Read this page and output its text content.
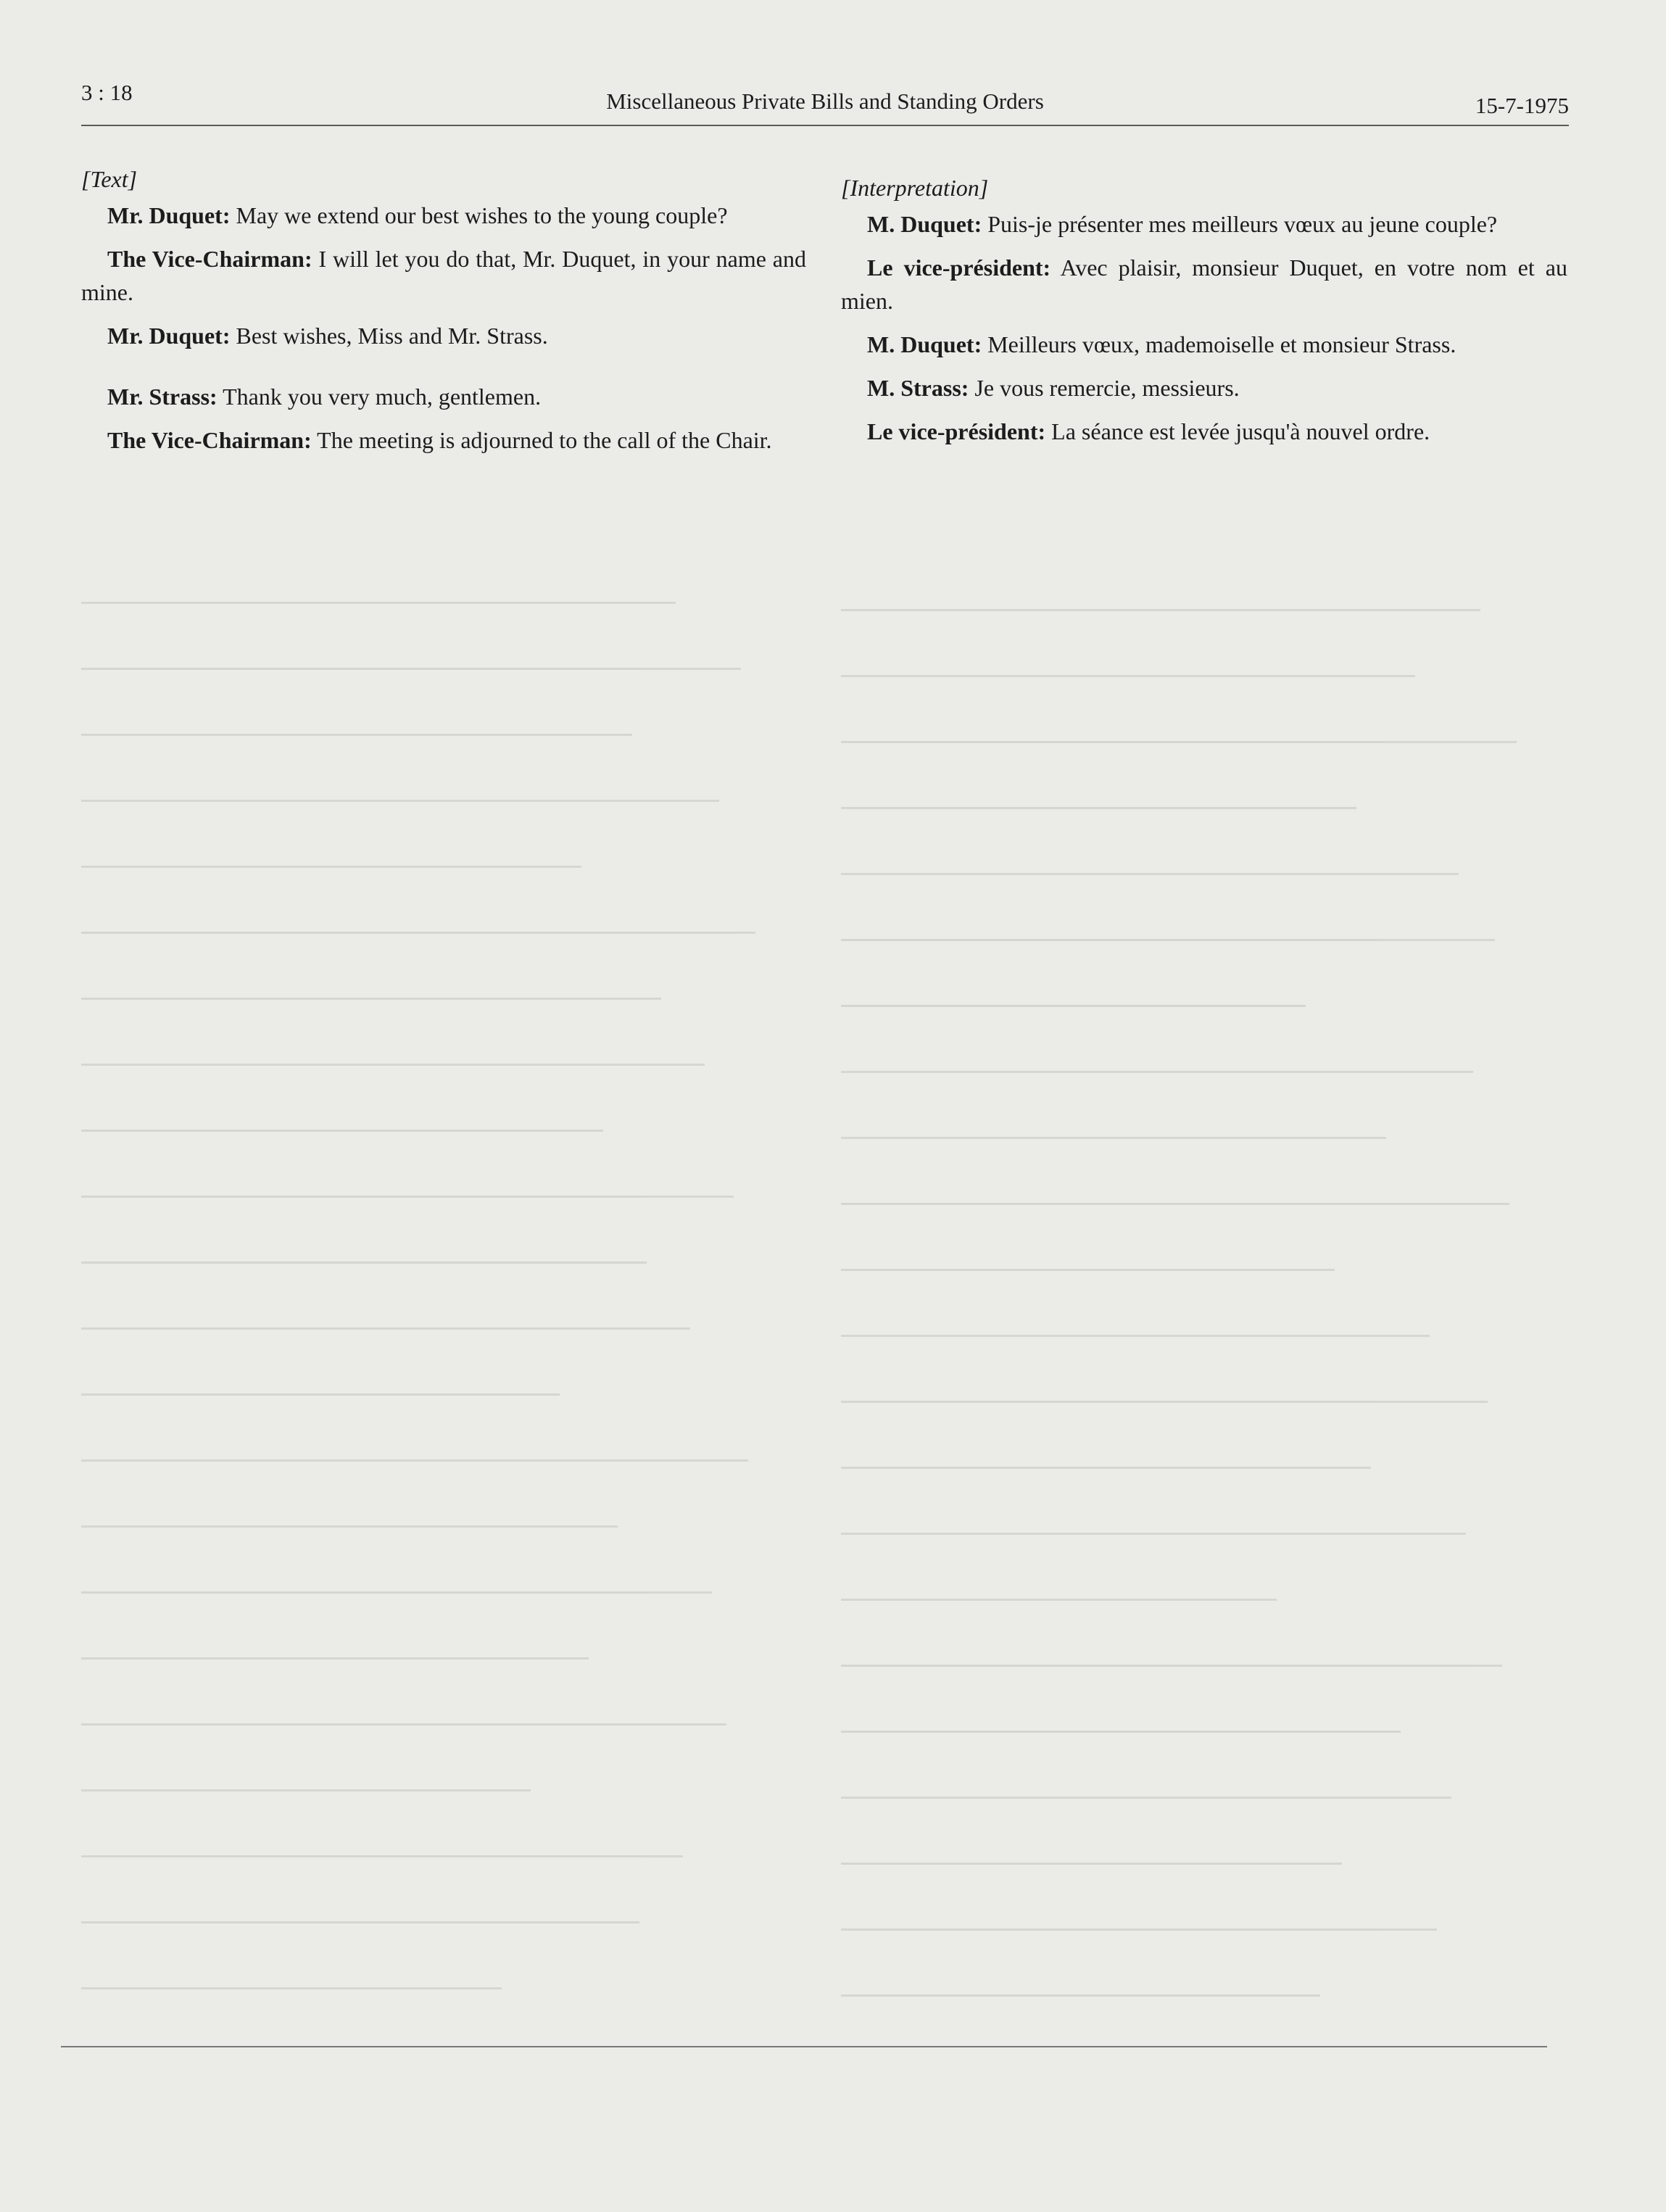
3 : 18	Miscellaneous Private Bills and Standing Orders	15-7-1975
[Text]

Mr. Duquet: May we extend our best wishes to the young couple?

The Vice-Chairman: I will let you do that, Mr. Duquet, in your name and mine.

Mr. Duquet: Best wishes, Miss and Mr. Strass.

Mr. Strass: Thank you very much, gentlemen.

The Vice-Chairman: The meeting is adjourned to the call of the Chair.

[Interpretation]

M. Duquet: Puis-je présenter mes meilleurs vœux au jeune couple?

Le vice-président: Avec plaisir, monsieur Duquet, en votre nom et au mien.

M. Duquet: Meilleurs vœux, mademoiselle et monsieur Strass.

M. Strass: Je vous remercie, messieurs.

Le vice-président: La séance est levée jusqu'à nouvel ordre.
